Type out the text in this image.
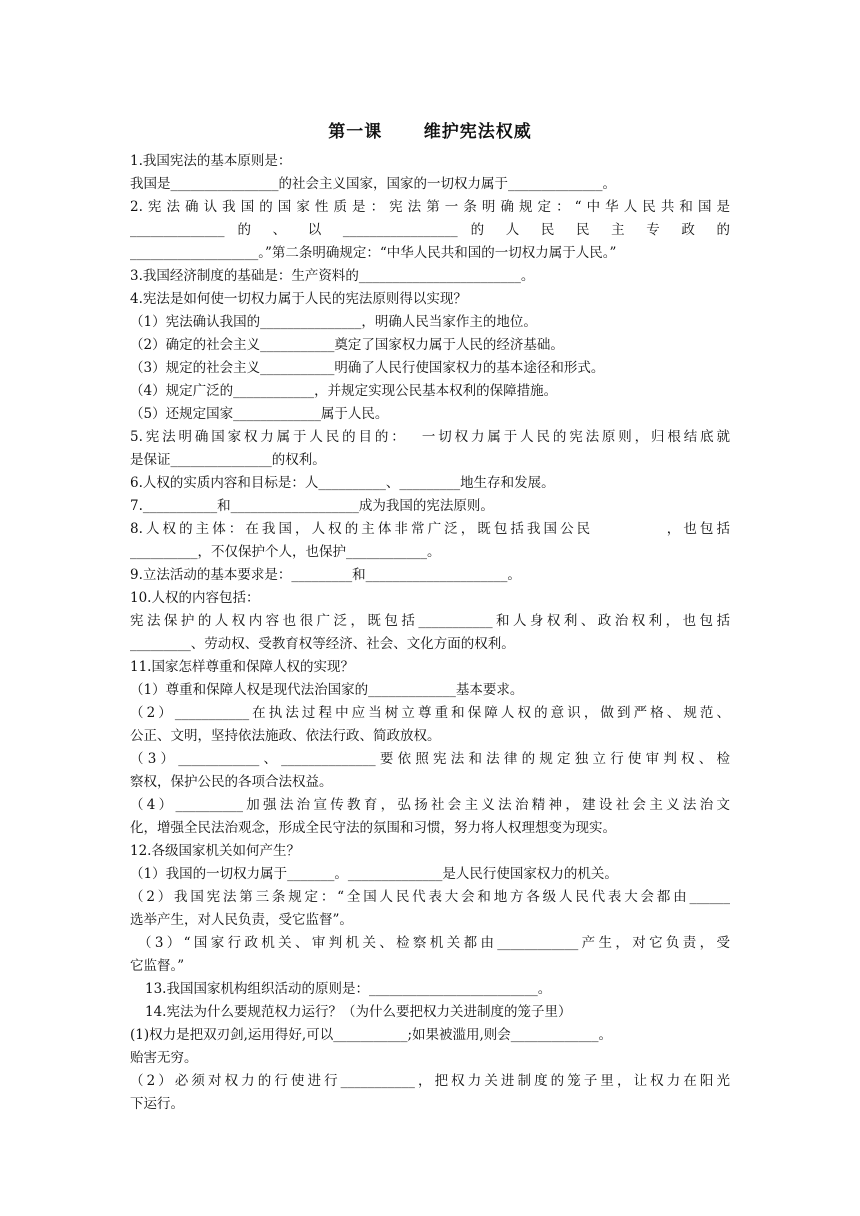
第一课      维护宪法权威
1.我国宪法的基本原则是：
我国是________________的社会主义国家，国家的一切权力属于______________。
2.宪法确认我国的国家性质是：宪法第一条明确规定：“中华人民共和国是
______________ 的 、 以 _________________ 的 人 民 民 主 专 政 的
___________________。”第二条明确规定：“中华人民共和国的一切权力属于人民。”
3.我国经济制度的基础是：生产资料的________________________。
4.宪法是如何使一切权力属于人民的宪法原则得以实现？
（1）宪法确认我国的_______________，明确人民当家作主的地位。
（2）确定的社会主义___________奠定了国家权力属于人民的经济基础。
（3）规定的社会主义___________明确了人民行使国家权力的基本途径和形式。
（4）规定广泛的____________，并规定实现公民基本权利的保障措施。
（5）还规定国家_____________属于人民。
5.宪法明确国家权力属于人民的目的：  一切权力属于人民的宪法原则，归根结底就
是保证_______________的权利。
6.人权的实质内容和目标是：人__________、_________地生存和发展。
7.___________和___________________成为我国的宪法原则。
8.人权的主体：在我国，人权的主体非常广泛，既包括我国公民          ，也包括
__________，不仅保护个人，也保护____________。
9.立法活动的基本要求是：_________和_____________________。
10.人权的内容包括：
宪法保护的人权内容也很广泛，既包括___________和人身权利、政治权利，也包括
_________、劳动权、受教育权等经济、社会、文化方面的权利。
11.国家怎样尊重和保障人权的实现？
（1）尊重和保障人权是现代法治国家的_____________基本要求。
（2）___________在执法过程中应当树立尊重和保障人权的意识，做到严格、规范、
公正、文明，坚持依法施政、依法行政、简政放权。
（3）____________、______________要依照宪法和法律的规定独立行使审判权、检
察权，保护公民的各项合法权益。
（4）__________加强法治宣传教育，弘扬社会主义法治精神，建设社会主义法治文
化，增强全民法治观念，形成全民守法的氛围和习惯，努力将人权理想变为现实。
12.各级国家机关如何产生？
（1）我国的一切权力属于_______。______________是人民行使国家权力的机关。
（2）我国宪法第三条规定：“全国人民代表大会和地方各级人民代表大会都由______
选举产生，对人民负责，受它监督”。
（3）“国家行政机关、审判机关、检察机关都由____________产生，对它负责，受
它监督。”
13.我国国家机构组织活动的原则是：_________________________。
14.宪法为什么要规范权力运行？（为什么要把权力关进制度的笼子里）
(1)权力是把双刃剑,运用得好,可以___________;如果被滥用,则会_____________。
贻害无穷。
（2）必须对权力的行使进行___________，把权力关进制度的笼子里，让权力在阳光
下运行。
